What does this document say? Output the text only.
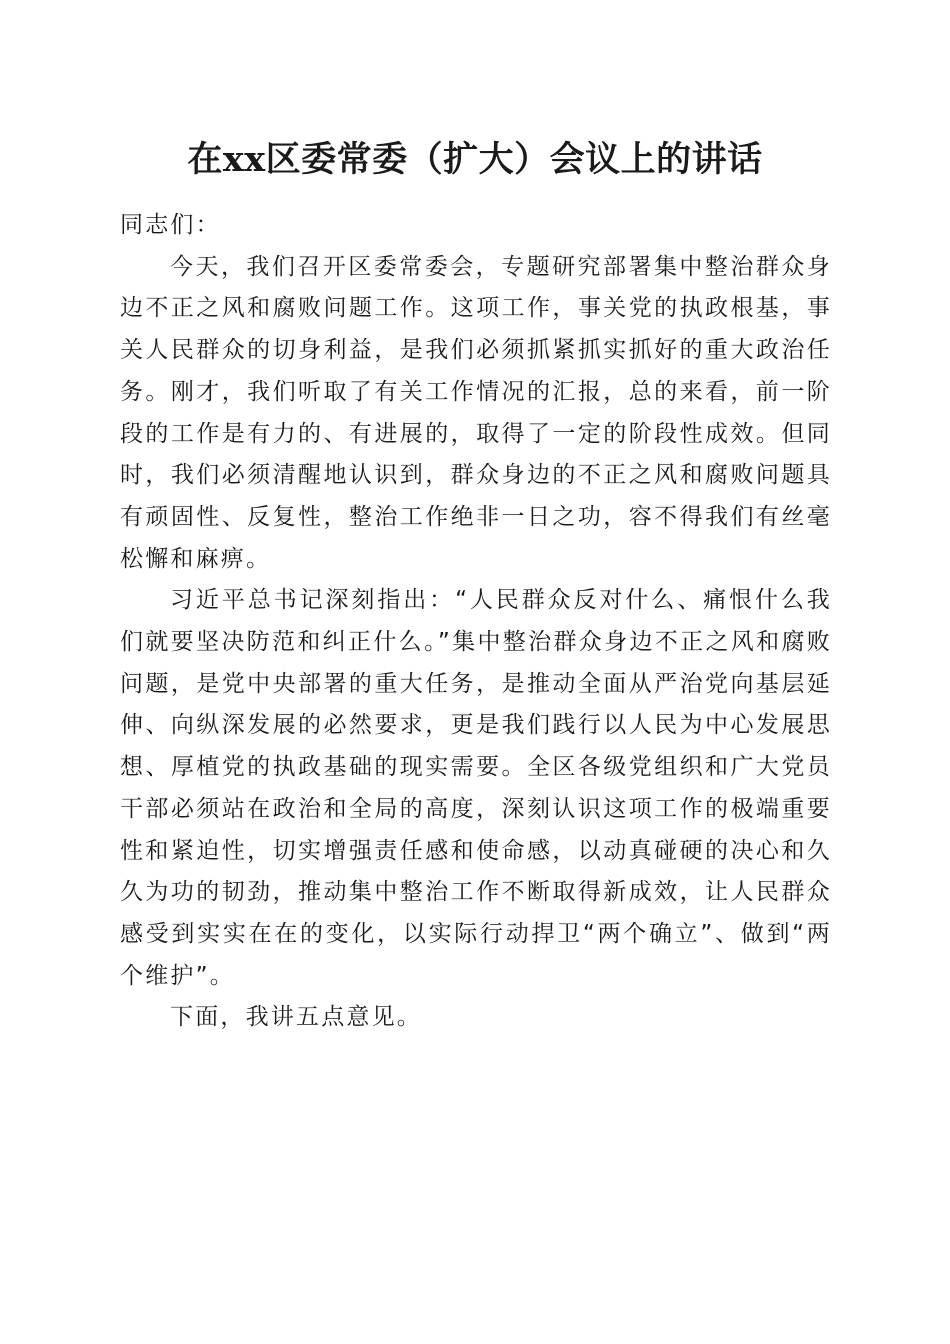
在xx区委常委（扩大）会议上的讲话

同志们：

今天，我们召开区委常委会，专题研究部署集中整治群众身边不正之风和腐败问题工作。这项工作，事关党的执政根基，事关人民群众的切身利益，是我们必须抓紧抓实抓好的重大政治任务。刚才，我们听取了有关工作情况的汇报，总的来看，前一阶段的工作是有力的、有进展的，取得了一定的阶段性成效。但同时，我们必须清醒地认识到，群众身边的不正之风和腐败问题具有顽固性、反复性，整治工作绝非一日之功，容不得我们有丝毫松懈和麻痹。

习近平总书记深刻指出：“人民群众反对什么、痛恨什么我们就要坚决防范和纠正什么。”集中整治群众身边不正之风和腐败问题，是党中央部署的重大任务，是推动全面从严治党向基层延伸、向纵深发展的必然要求，更是我们践行以人民为中心发展思想、厚植党的执政基础的现实需要。全区各级党组织和广大党员干部必须站在政治和全局的高度，深刻认识这项工作的极端重要性和紧迫性，切实增强责任感和使命感，以动真碰硬的决心和久久为功的韧劲，推动集中整治工作不断取得新成效，让人民群众感受到实实在在的变化，以实际行动捍卫“两个确立”、做到“两个维护”。

下面，我讲五点意见。
